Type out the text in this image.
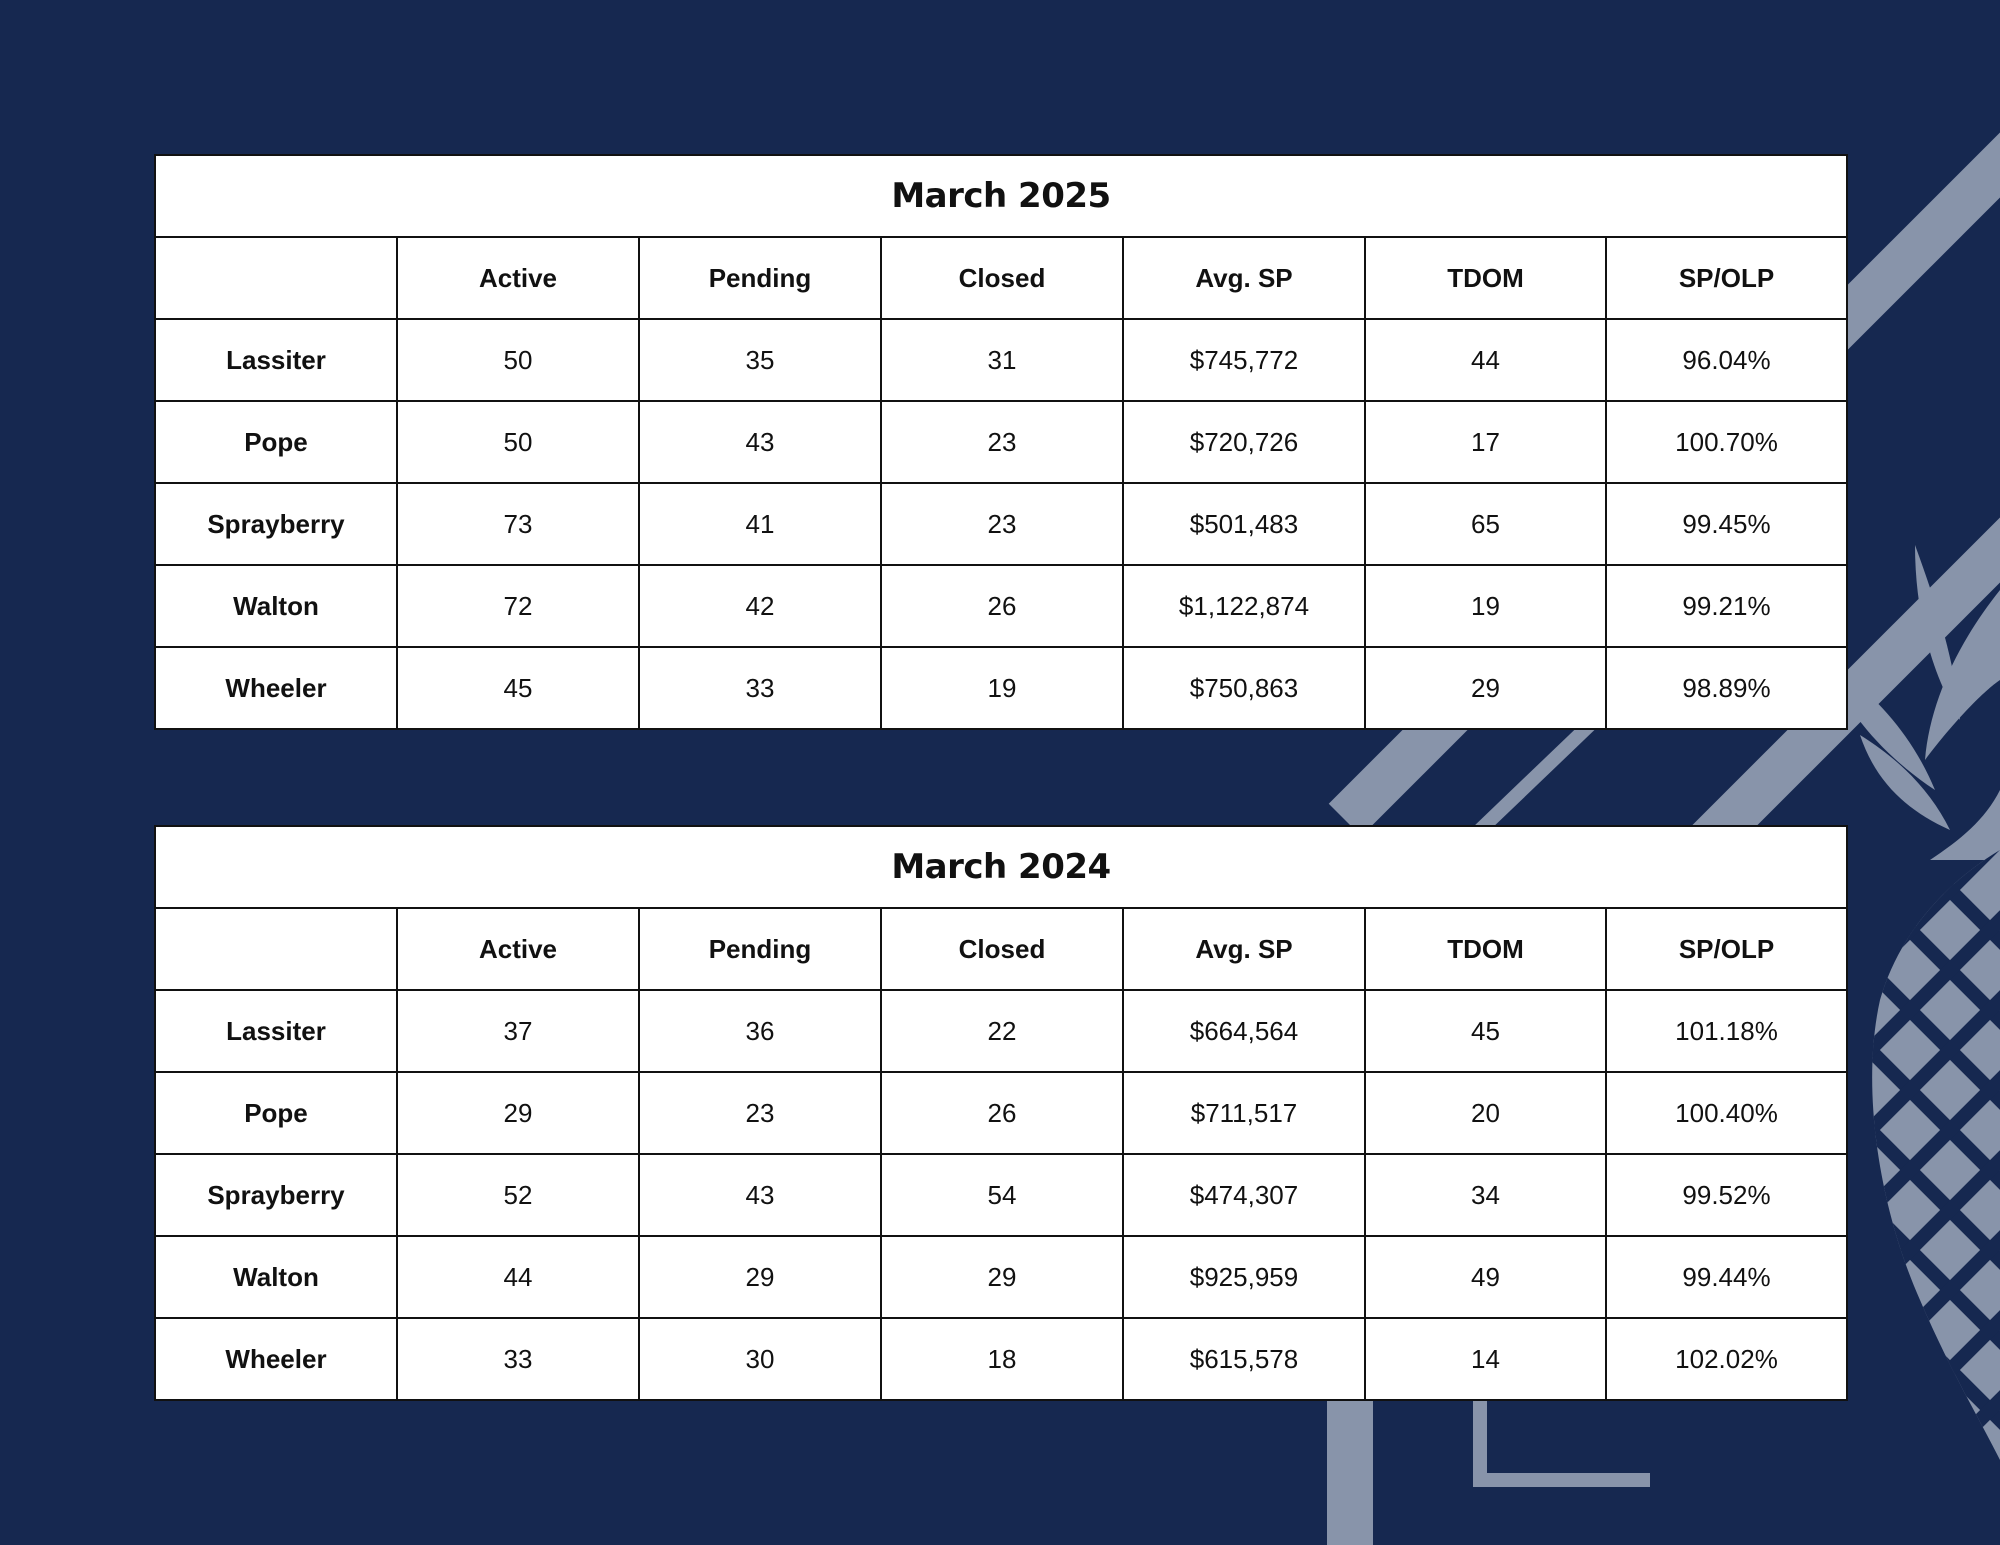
March 2025						
	Active	Pending	Closed	Avg. SP	TDOM	SP/OLP
Lassiter	50	35	31	$745,772	44	96.04%
Pope	50	43	23	$720,726	17	100.70%
Sprayberry	73	41	23	$501,483	65	99.45%
Walton	72	42	26	$1,122,874	19	99.21%
Wheeler	45	33	19	$750,863	29	98.89%
March 2024						
	Active	Pending	Closed	Avg. SP	TDOM	SP/OLP
Lassiter	37	36	22	$664,564	45	101.18%
Pope	29	23	26	$711,517	20	100.40%
Sprayberry	52	43	54	$474,307	34	99.52%
Walton	44	29	29	$925,959	49	99.44%
Wheeler	33	30	18	$615,578	14	102.02%
